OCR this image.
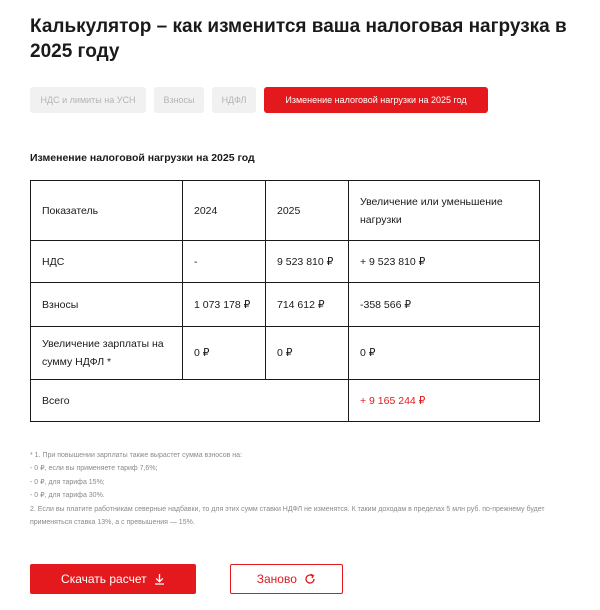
Калькулятор – как изменится ваша налоговая нагрузка в 2025 году
НДС и лимиты на УСН	Взносы	НДФЛ	Изменение налоговой нагрузки на 2025 год
Изменение налоговой нагрузки на 2025 год
Показатель	2024	2025	Увеличение или уменьшение нагрузки
НДС	-	9 523 810 ₽	+ 9 523 810 ₽
Взносы	1 073 178 ₽	714 612 ₽	-358 566 ₽
Увеличение зарплаты на сумму НДФЛ *	0 ₽	0 ₽	0 ₽
Всего			+ 9 165 244 ₽
* 1. При повышении зарплаты также вырастет сумма взносов на:
- 0 ₽, если вы применяете тариф 7,6%;
- 0 ₽, для тарифа 15%;
- 0 ₽, для тарифа 30%.
2. Если вы платите работникам северные надбавки, то для этих сумм ставки НДФЛ не изменятся. К таким доходам в пределах 5 млн руб. по-прежнему будет применяться ставка 13%, а с превышения — 15%.
Скачать расчет	Заново
